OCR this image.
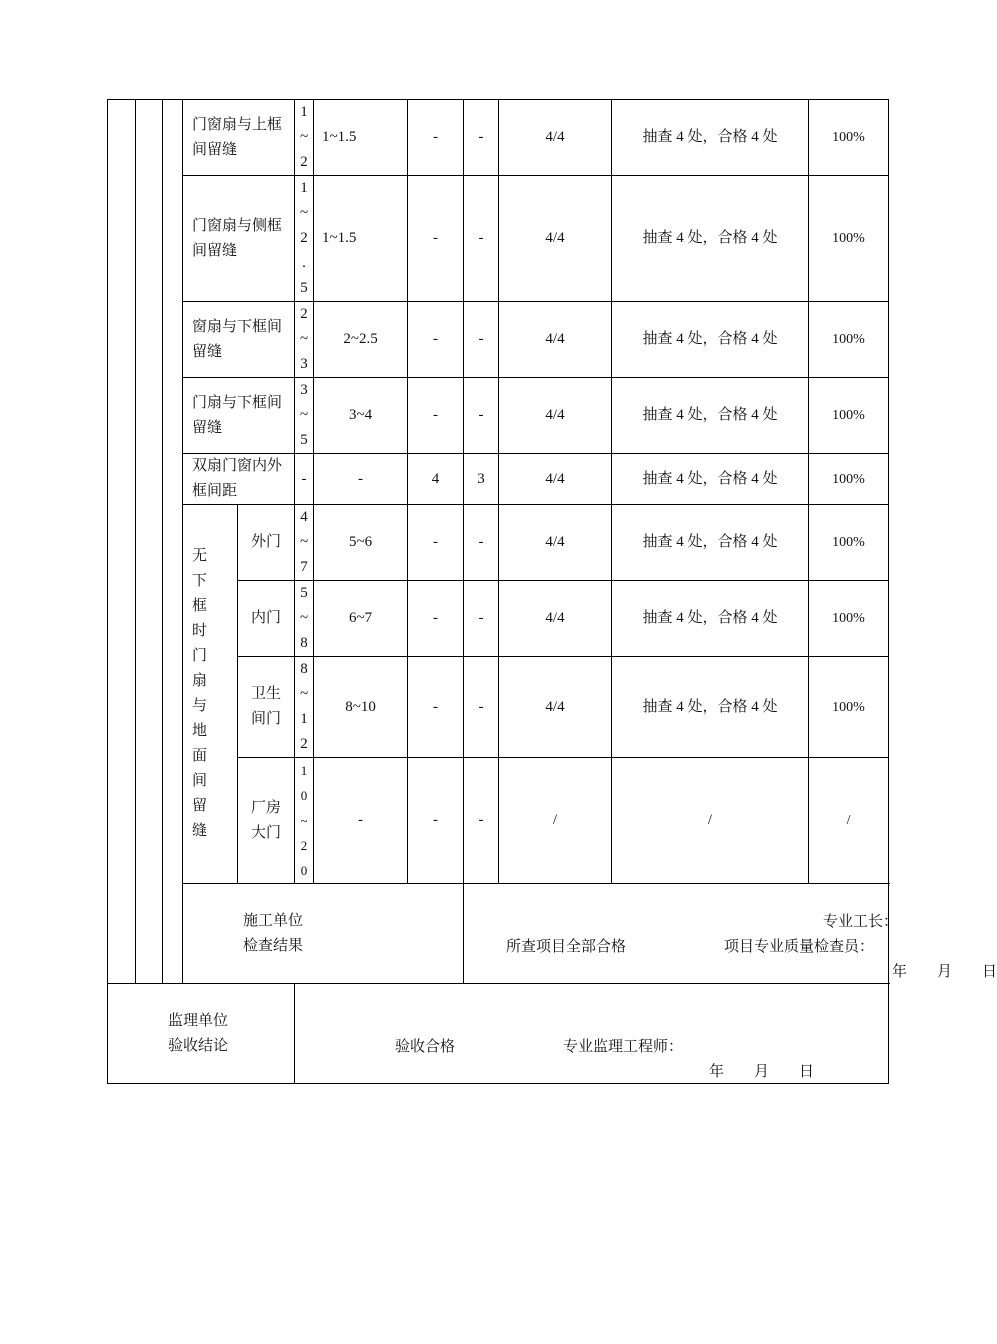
			门窗扇与上框间留缝		1
~
2	1~1.5	-	-	4/4	抽查 4 处，合格 4 处	100%
			门窗扇与侧框间留缝		1
~
2
.
5	1~1.5	-	-	4/4	抽查 4 处，合格 4 处	100%
			窗扇与下框间留缝		2
~
3	2~2.5	-	-	4/4	抽查 4 处，合格 4 处	100%
			门扇与下框间留缝		3
~
5	3~4	-	-	4/4	抽查 4 处，合格 4 处	100%
			双扇门窗内外框间距		-	-	4	3	4/4	抽查 4 处，合格 4 处	100%
			无下框时门扇与地面间留缝	外门	4
~
7	5~6	-	-	4/4	抽查 4 处，合格 4 处	100%
				内门	5
~
8	6~7	-	-	4/4	抽查 4 处，合格 4 处	100%
				卫生间门	8
~
1
2	8~10	-	-	4/4	抽查 4 处，合格 4 处	100%
				厂房大门	1
0
~
2
0	-	-	-	/	/	/

			施工单位检查结果					专业工长：
所查项目全部合格 项目专业质量检查员：
年　　月　　日			

监理单位验收结论					验收合格 专业监理工程师：
年　　月　　日						
